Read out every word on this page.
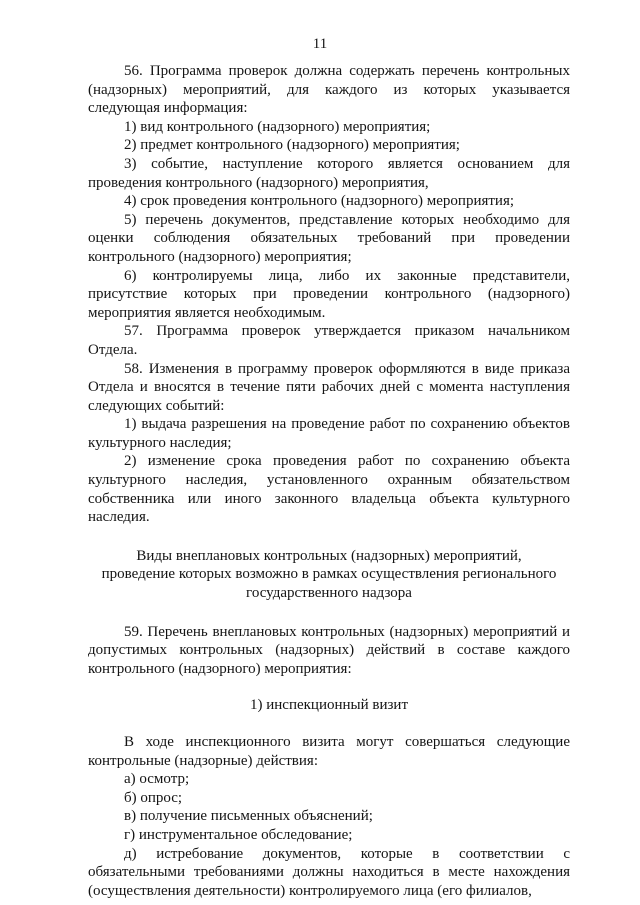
11

56. Программа проверок должна содержать перечень контрольных (надзорных) мероприятий, для каждого из которых указывается следующая информация:

1) вид контрольного (надзорного) мероприятия;

2) предмет контрольного (надзорного) мероприятия;

3) событие, наступление которого является основанием для проведения контрольного (надзорного) мероприятия,

4) срок проведения контрольного (надзорного) мероприятия;

5) перечень документов, представление которых необходимо для оценки соблюдения обязательных требований при проведении контрольного (надзорного) мероприятия;

6) контролируемы лица, либо их законные представители, присутствие которых при проведении контрольного (надзорного) мероприятия является необходимым.

57. Программа проверок утверждается приказом начальником Отдела.

58. Изменения в программу проверок оформляются в виде приказа Отдела и вносятся в течение пяти рабочих дней с момента наступления следующих событий:

1) выдача разрешения на проведение работ по сохранению объектов культурного наследия;

2) изменение срока проведения работ по сохранению объекта культурного наследия, установленного охранным обязательством собственника или иного законного владельца объекта культурного наследия.

Виды внеплановых контрольных (надзорных) мероприятий,

проведение которых возможно в рамках осуществления регионального

государственного надзора

59. Перечень внеплановых контрольных (надзорных) мероприятий и допустимых контрольных (надзорных) действий в составе каждого контрольного (надзорного) мероприятия:

1) инспекционный визит

В ходе инспекционного визита могут совершаться следующие контрольные (надзорные) действия:

а) осмотр;

б) опрос;

в) получение письменных объяснений;

г) инструментальное обследование;

д) истребование документов, которые в соответствии с обязательными требованиями должны находиться в месте нахождения (осуществления деятельности) контролируемого лица (его филиалов,
